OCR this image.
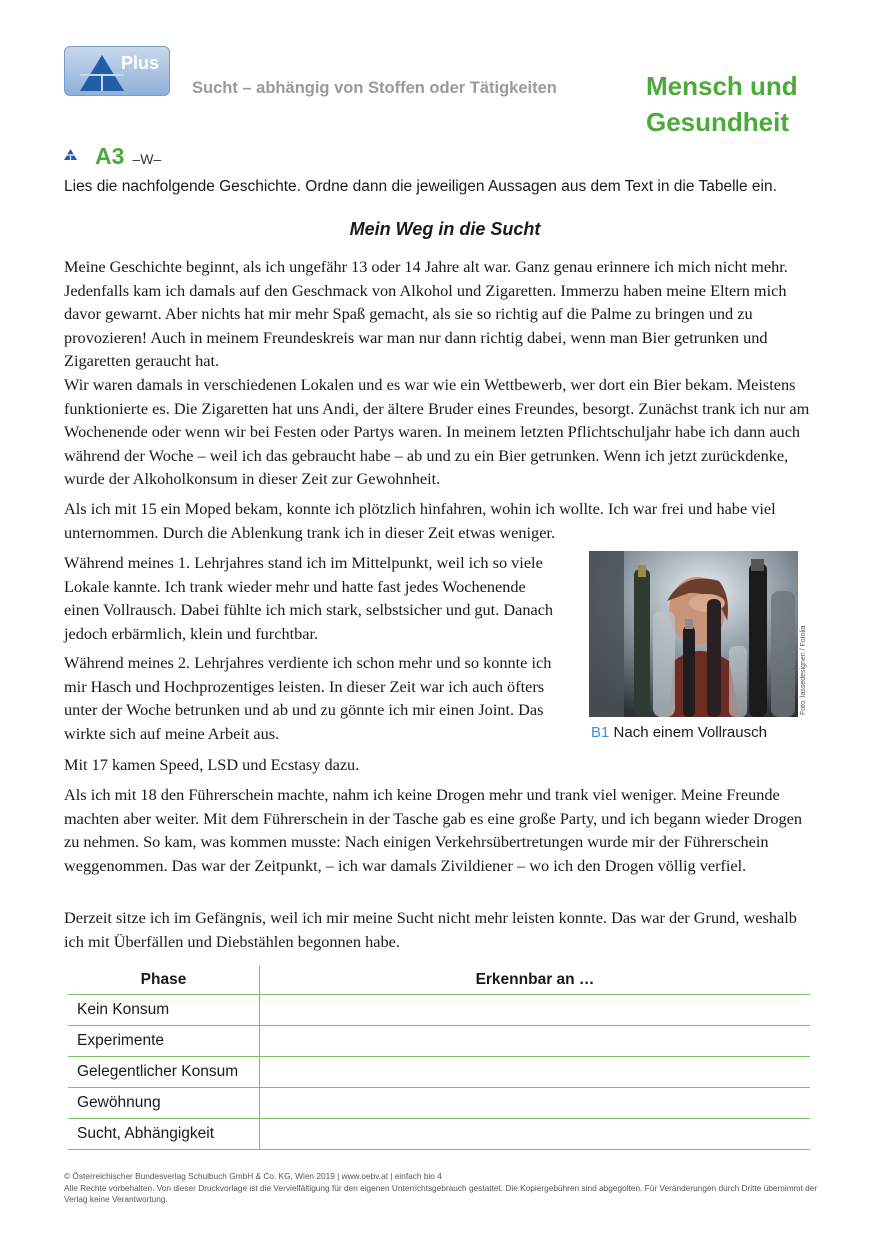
Plus
Sucht – abhängig von Stoffen oder Tätigkeiten	Mensch und
Gesundheit
A3 –W–
Lies die nachfolgende Geschichte. Ordne dann die jeweiligen Aussagen aus dem Text in die Tabelle ein.
Mein Weg in die Sucht

Meine Geschichte beginnt, als ich ungefähr 13 oder 14 Jahre alt war. Ganz genau erinnere ich mich nicht mehr. Jedenfalls kam ich damals auf den Geschmack von Alkohol und Zigaretten. Immerzu haben meine Eltern mich davor gewarnt. Aber nichts hat mir mehr Spaß gemacht, als sie so richtig auf die Palme zu bringen und zu provozieren! Auch in meinem Freundeskreis war man nur dann richtig dabei, wenn man Bier getrunken und Zigaretten geraucht hat.

Wir waren damals in verschiedenen Lokalen und es war wie ein Wettbewerb, wer dort ein Bier bekam. Meistens funktionierte es. Die Zigaretten hat uns Andi, der ältere Bruder eines Freundes, besorgt. Zunächst trank ich nur am Wochenende oder wenn wir bei Festen oder Partys waren. In meinem letzten Pflichtschuljahr habe ich dann auch während der Woche – weil ich das gebraucht habe – ab und zu ein Bier getrunken. Wenn ich jetzt zurückdenke, wurde der Alkoholkonsum in dieser Zeit zur Gewohnheit.

Als ich mit 15 ein Moped bekam, konnte ich plötzlich hinfahren, wohin ich wollte. Ich war frei und habe viel unternommen. Durch die Ablenkung trank ich in dieser Zeit etwas weniger.

Während meines 1. Lehrjahres stand ich im Mittelpunkt, weil ich so viele Lokale kannte. Ich trank wieder mehr und hatte fast jedes Wochenende einen Vollrausch. Dabei fühlte ich mich stark, selbstsicher und gut. Danach jedoch erbärmlich, klein und furchtbar.

Während meines 2. Lehrjahres verdiente ich schon mehr und so konnte ich mir Hasch und Hochprozentiges leisten. In dieser Zeit war ich auch öfters unter der Woche betrunken und ab und zu gönnte ich mir einen Joint. Das wirkte sich auf meine Arbeit aus.

Mit 17 kamen Speed, LSD und Ecstasy dazu.

Als ich mit 18 den Führerschein machte, nahm ich keine Drogen mehr und trank viel weniger. Meine Freunde machten aber weiter. Mit dem Führerschein in der Tasche gab es eine große Party, und ich begann wieder Drogen zu nehmen. So kam, was kommen musste: Nach einigen Verkehrsübertretungen wurde mir der Führerschein weggenommen. Das war der Zeitpunkt, – ich war damals Zivildiener – wo ich den Drogen völlig verfiel.

Derzeit sitze ich im Gefängnis, weil ich mir meine Sucht nicht mehr leisten konnte. Das war der Grund, weshalb ich mit Überfällen und Diebstählen begonnen habe.

Foto: lassedesignen / Fotolia
B1 Nach einem Vollrausch
Phase	Erkennbar an …
Kein Konsum	
Experimente	
Gelegentlicher Konsum	
Gewöhnung	
Sucht, Abhängigkeit	
© Österreichischer Bundesverlag Schulbuch GmbH & Co. KG, Wien 2019 | www.oebv.at | einfach bio 4
Alle Rechte vorbehalten. Von dieser Druckvorlage ist die Vervielfältigung für den eigenen Unterrichtsgebrauch gestattet. Die Kopiergebühren sind abgegolten. Für Veränderungen durch Dritte übernimmt der Verlag keine Verantwortung.
